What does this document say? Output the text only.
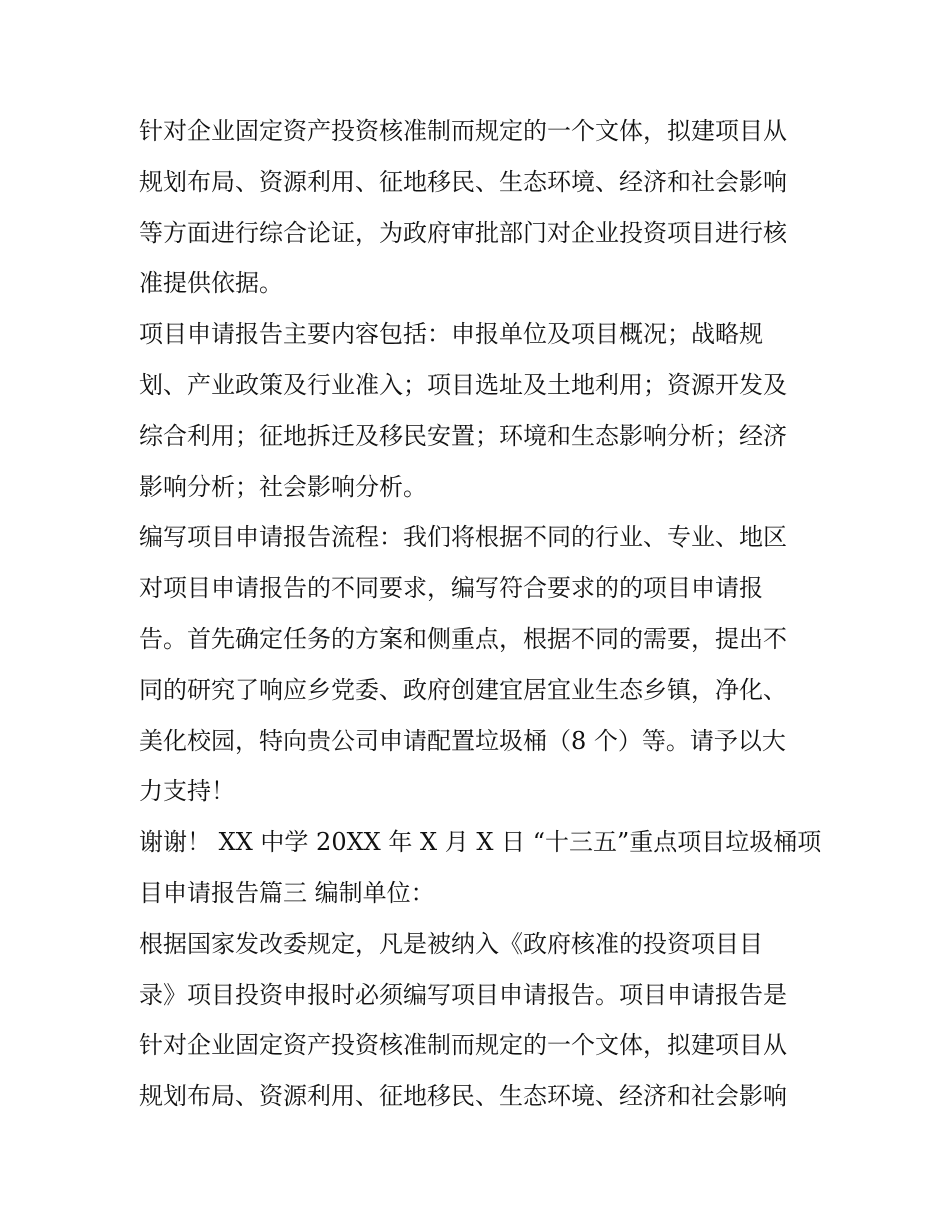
针对企业固定资产投资核准制而规定的一个文体，拟建项目从
规划布局、资源利用、征地移民、生态环境、经济和社会影响
等方面进行综合论证，为政府审批部门对企业投资项目进行核
准提供依据。
项目申请报告主要内容包括：申报单位及项目概况；战略规
划、产业政策及行业准入；项目选址及土地利用；资源开发及
综合利用；征地拆迁及移民安置；环境和生态影响分析；经济
影响分析；社会影响分析。
编写项目申请报告流程：我们将根据不同的行业、专业、地区
对项目申请报告的不同要求，编写符合要求的的项目申请报
告。首先确定任务的方案和侧重点，根据不同的需要，提出不
同的研究了响应乡党委、政府创建宜居宜业生态乡镇，净化、
美化校园，特向贵公司申请配置垃圾桶（8 个）等。请予以大
力支持！
谢谢！ XX 中学 20XX 年 X 月 X 日 “十三五”重点项目垃圾桶项
目申请报告篇三 编制单位：
根据国家发改委规定，凡是被纳入《政府核准的投资项目目
录》项目投资申报时必须编写项目申请报告。项目申请报告是
针对企业固定资产投资核准制而规定的一个文体，拟建项目从
规划布局、资源利用、征地移民、生态环境、经济和社会影响
